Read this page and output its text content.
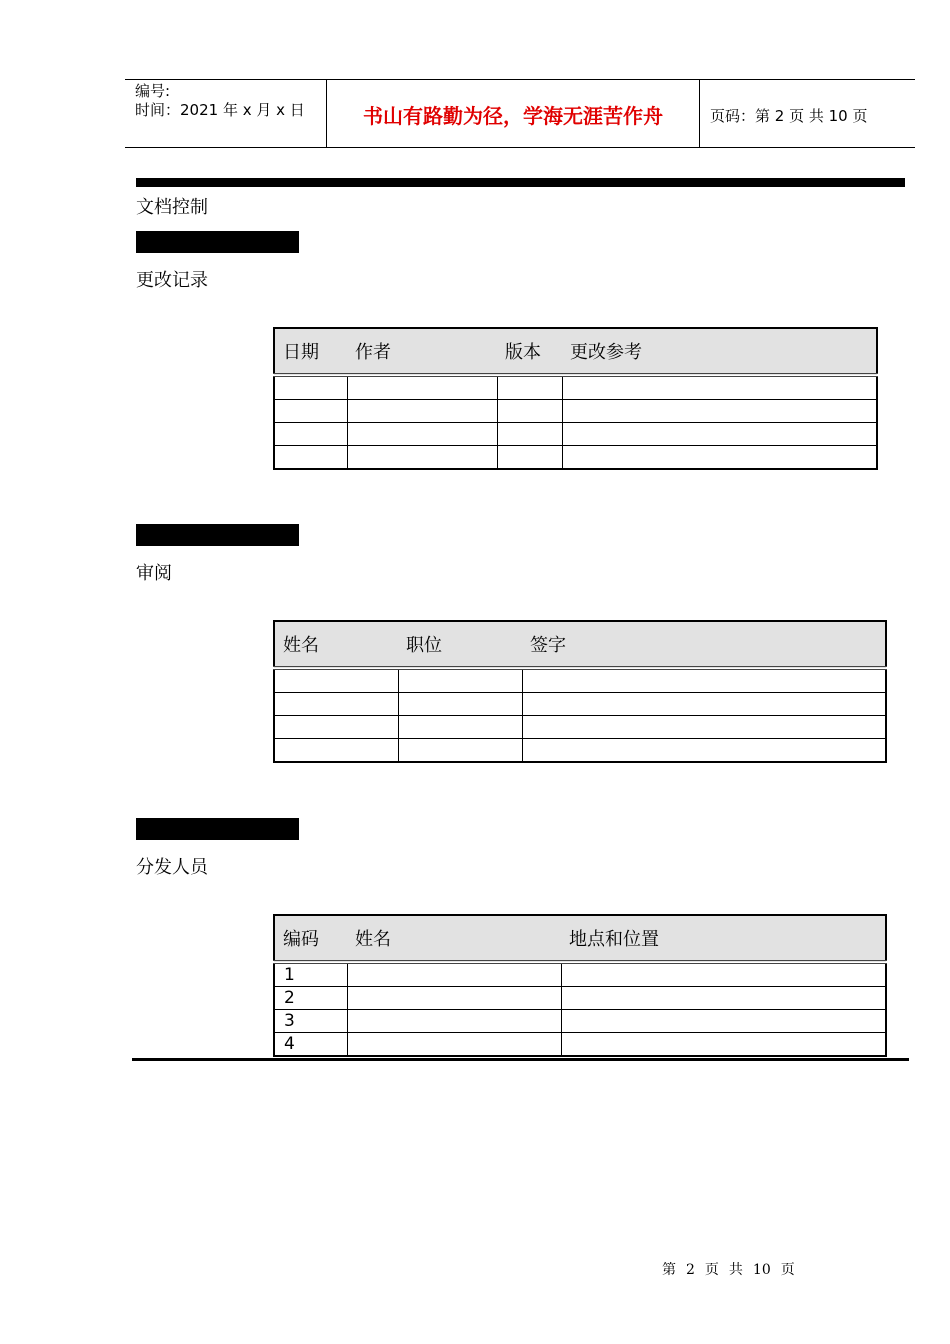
编号:
时间：2021 年 x 月 x 日	书山有路勤为径，学海无涯苦作舟	页码：第 2 页 共 10 页
文档控制
更改记录
日期	作者	版本	更改参考

审阅
姓名	职位	签字

分发人员
编码	姓名	地点和位置
1		
2		
3		
4		
第 2 页 共 10 页
